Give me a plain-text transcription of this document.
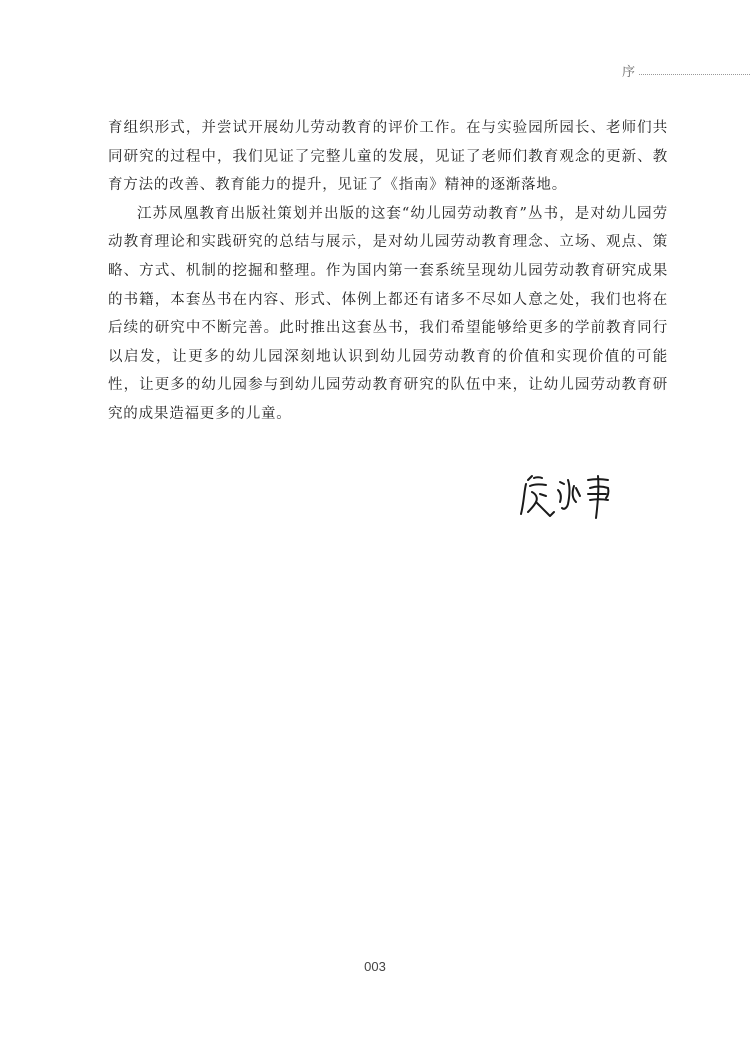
序

育组织形式，并尝试开展幼儿劳动教育的评价工作。在与实验园所园长、老师们共同研究的过程中，我们见证了完整儿童的发展，见证了老师们教育观念的更新、教育方法的改善、教育能力的提升，见证了《指南》精神的逐渐落地。

江苏凤凰教育出版社策划并出版的这套“幼儿园劳动教育”丛书，是对幼儿园劳动教育理论和实践研究的总结与展示，是对幼儿园劳动教育理念、立场、观点、策略、方式、机制的挖掘和整理。作为国内第一套系统呈现幼儿园劳动教育研究成果的书籍，本套丛书在内容、形式、体例上都还有诸多不尽如人意之处，我们也将在后续的研究中不断完善。此时推出这套丛书，我们希望能够给更多的学前教育同行以启发，让更多的幼儿园深刻地认识到幼儿园劳动教育的价值和实现价值的可能性，让更多的幼儿园参与到幼儿园劳动教育研究的队伍中来，让幼儿园劳动教育研究的成果造福更多的儿童。

003
